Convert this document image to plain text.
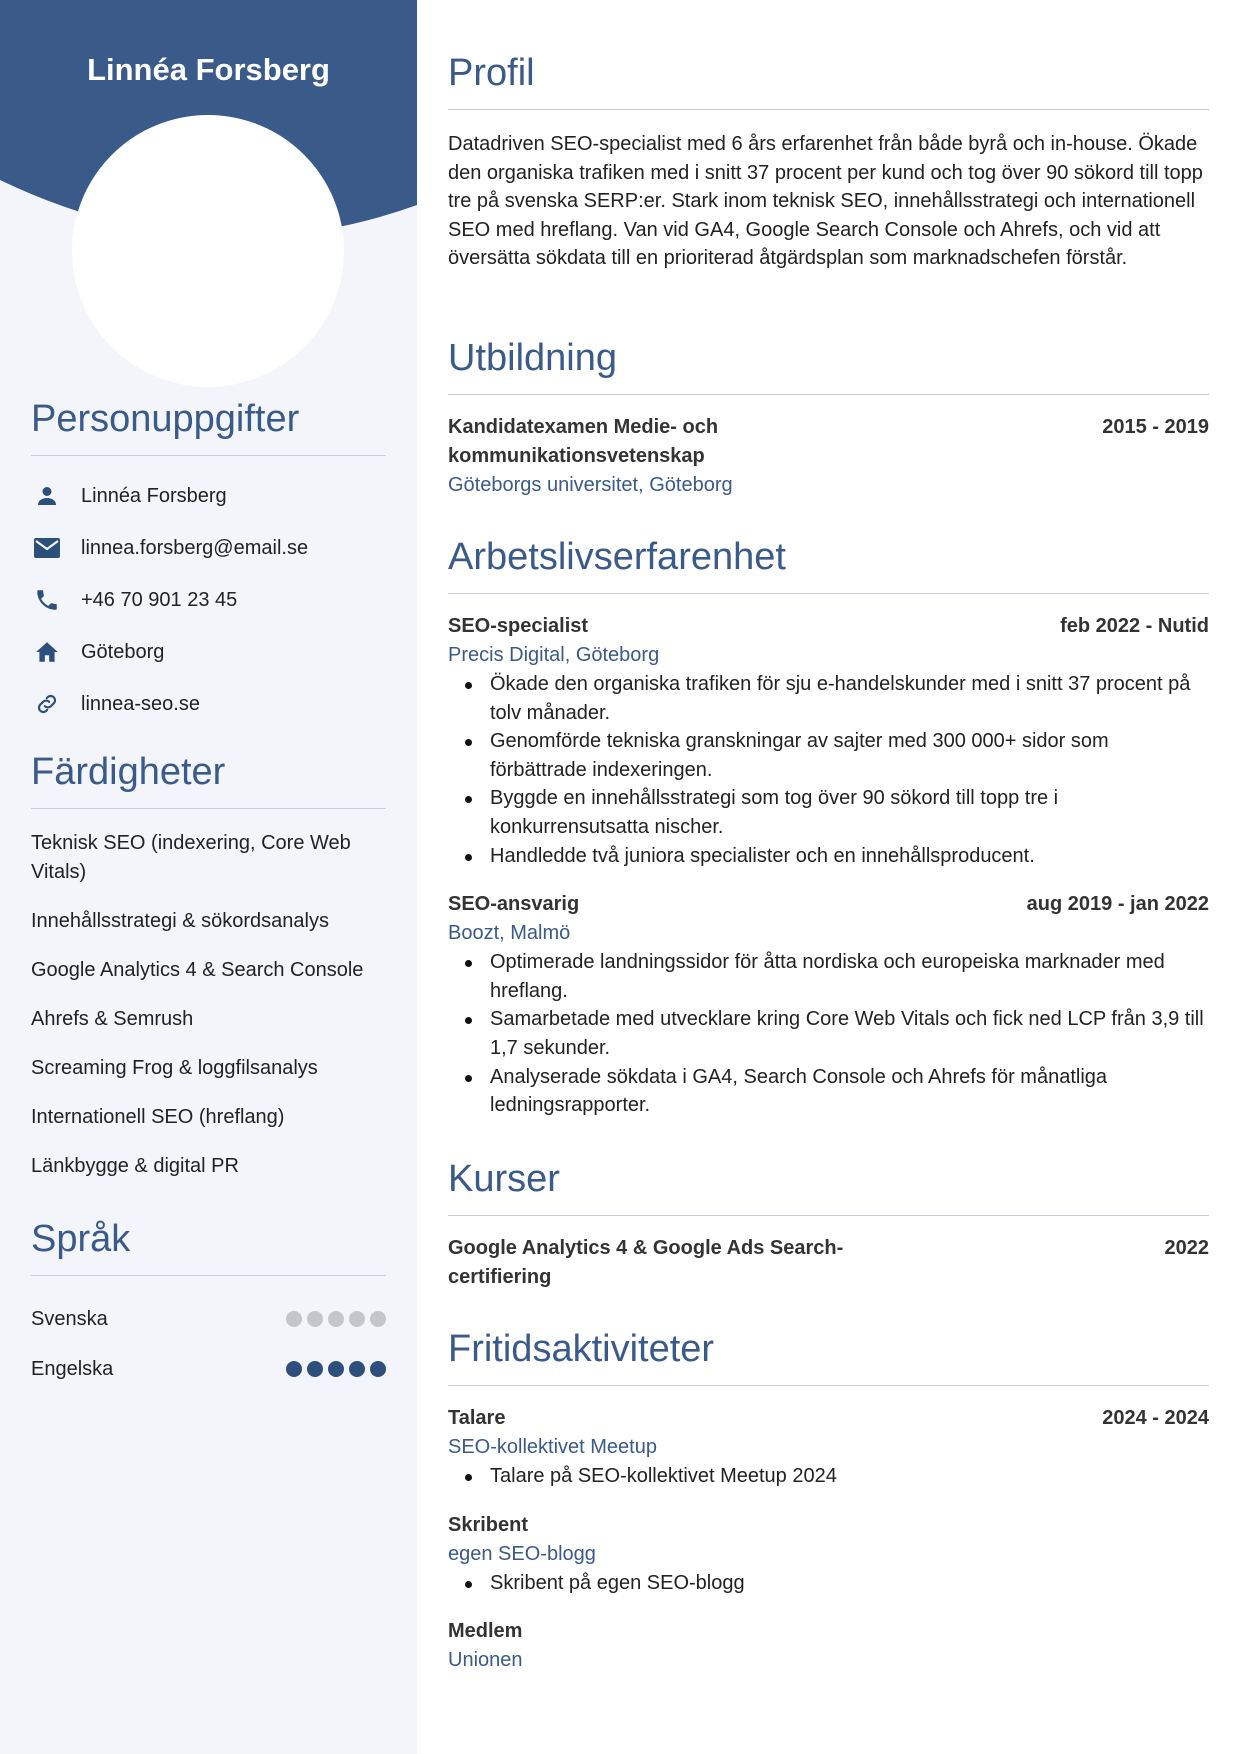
Linnéa Forsberg
Personuppgifter
Linnéa Forsberg
linnea.forsberg@email.se
+46 70 901 23 45
Göteborg
linnea-seo.se
Färdigheter
Teknisk SEO (indexering, Core Web Vitals)
Innehållsstrategi & sökordsanalys
Google Analytics 4 & Search Console
Ahrefs & Semrush
Screaming Frog & loggfilsanalys
Internationell SEO (hreflang)
Länkbygge & digital PR
Språk
Svenska
Engelska
Profil

Datadriven SEO-specialist med 6 års erfarenhet från både byrå och in-house. Ökade den organiska trafiken med i snitt 37 procent per kund och tog över 90 sökord till topp tre på svenska SERP:er. Stark inom teknisk SEO, innehållsstrategi och internationell SEO med hreflang. Van vid GA4, Google Search Console och Ahrefs, och vid att översätta sökdata till en prioriterad åtgärdsplan som marknadschefen förstår.

Utbildning
Kandidatexamen Medie- och kommunikationsvetenskap
2015 - 2019
Göteborgs universitet, Göteborg
Arbetslivserfarenhet
SEO-specialist	feb 2022 - Nutid
Precis Digital, Göteborg
Ökade den organiska trafiken för sju e-handelskunder med i snitt 37 procent på tolv månader.
Genomförde tekniska granskningar av sajter med 300 000+ sidor som förbättrade indexeringen.
Byggde en innehållsstrategi som tog över 90 sökord till topp tre i konkurrensutsatta nischer.
Handledde två juniora specialister och en innehållsproducent.
SEO-ansvarig	aug 2019 - jan 2022
Boozt, Malmö
Optimerade landningssidor för åtta nordiska och europeiska marknader med hreflang.
Samarbetade med utvecklare kring Core Web Vitals och fick ned LCP från 3,9 till 1,7 sekunder.
Analyserade sökdata i GA4, Search Console och Ahrefs för månatliga ledningsrapporter.
Kurser
Google Analytics 4 & Google Ads Search-certifiering
2022
Fritidsaktiviteter
Talare	2024 - 2024
SEO-kollektivet Meetup
Talare på SEO-kollektivet Meetup 2024
Skribent
egen SEO-blogg
Skribent på egen SEO-blogg
Medlem
Unionen
